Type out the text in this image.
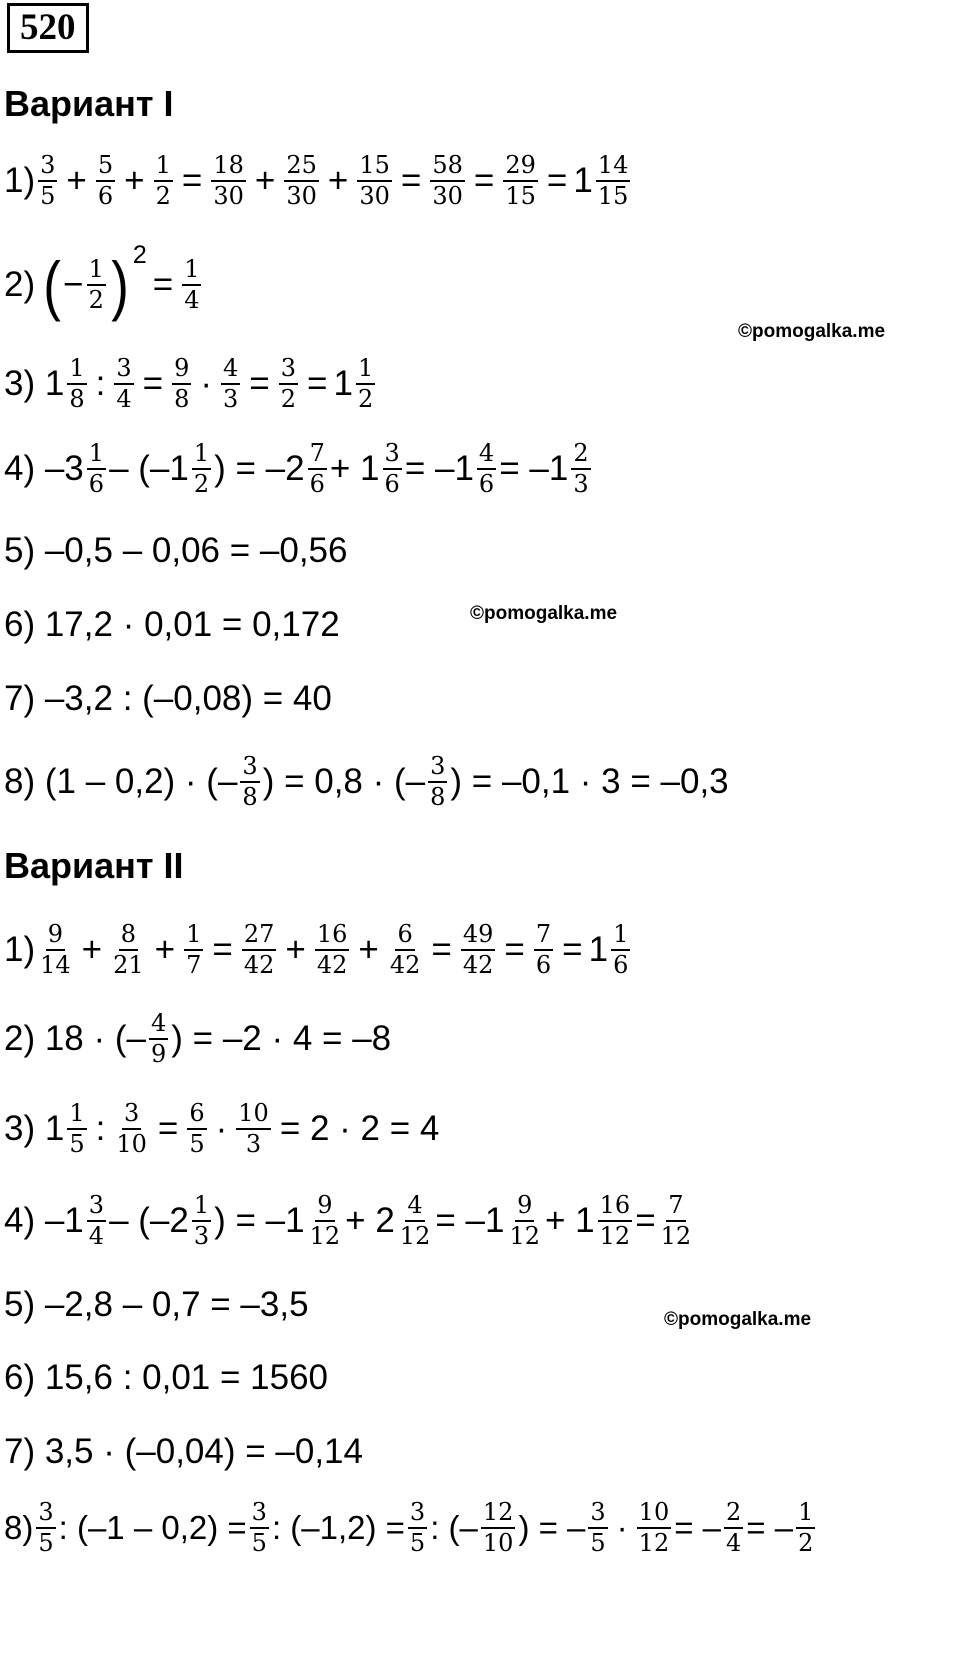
520
Вариант I
$1) \frac{3}{5} + \frac{5}{6} + \frac{1}{2} = \frac{18}{30} + \frac{25}{30} + \frac{15}{30} = \frac{58}{30} = \frac{29}{15} = 1 \frac{14}{15}$
2) ( − $\frac{1}{2}$ ) 2
= $\frac{1}{4}$
©pomogalka.me
3) $1 \frac{1}{8}$ : $\frac{3}{4} = \frac{9}{8} \cdot \frac{4}{3} = \frac{3}{2} = 1 \frac{1}{2}$
4) $-3 \frac{1}{6} - (-1 \frac{1}{2}$ ) = $-2 \frac{7}{6} + 1 \frac{3}{6} = -1 \frac{4}{6} = -1 \frac{2}{3}$
5) –0,5 – 0,06 = –0,56
6) 17,2 · 0,01 = 0,172	©pomogalka.me
7) –3,2 : (–0,08) = 40
8) (1 – 0,2) · (– $\frac{3}{8}$ ) = 0,8 · (– $\frac{3}{8}$ ) = –0,1 · 3 = –0,3
Вариант II
$1) \frac{9}{14} + \frac{8}{21} + \frac{1}{7} = \frac{27}{42} + \frac{16}{42} + \frac{6}{42} = \frac{49}{42} = \frac{7}{6} = 1 \frac{1}{6}$
2) 18 · (– $\frac{4}{9}$ ) = –2 · 4 = –8
3) $1 \frac{1}{5}$ : $\frac{3}{10} = \frac{6}{5} \cdot \frac{10}{3} = 2 \cdot 2 = 4$
4) $-1 \frac{3}{4} - (-2 \frac{1}{3}$ ) = $-1 \frac{9}{12} + 2 \frac{4}{12} = -1 \frac{9}{12} + 1 \frac{16}{12} = \frac{7}{12}$
5) –2,8 – 0,7 = –3,5	©pomogalka.me
6) 15,6 : 0,01 = 1560
7) 3,5 · (–0,04) = –0,14
$8) \frac{3}{5}$ : $(-1 - 0,2) = \frac{3}{5}$ : $(-1,2) = \frac{3}{5}$ : (– $\frac{12}{10}$ ) = – $\frac{3}{5} \cdot \frac{10}{12}$ = – $\frac{2}{4}$ = – $\frac{1}{2}$
